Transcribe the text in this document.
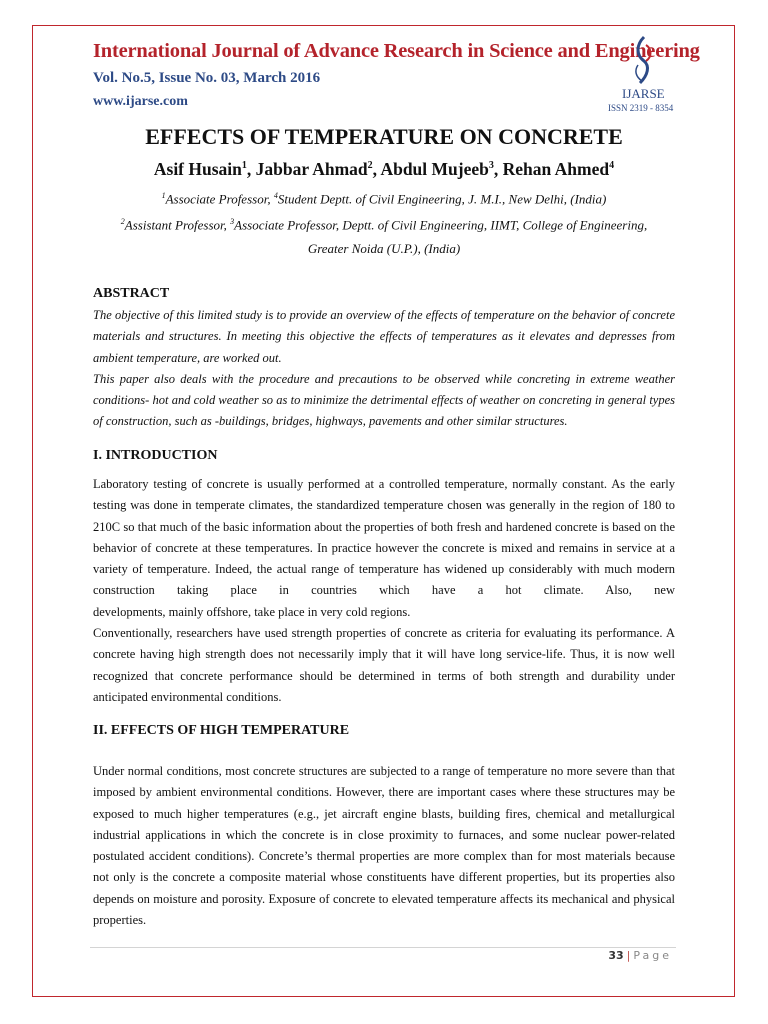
International Journal of Advance Research in Science and Engineering
Vol. No.5, Issue No. 03, March 2016
www.ijarse.com
IJARSE
ISSN 2319 - 8354
EFFECTS OF TEMPERATURE ON CONCRETE
Asif Husain$^1$, Jabbar Ahmad$^2$, Abdul Mujeeb$^3$, Rehan Ahmed$^4$
$^1$Associate Professor, $^4$Student Deptt. of Civil Engineering, J. M.I., New Delhi, (India)
$^2$Assistant Professor, $^3$Associate Professor, Deptt. of Civil Engineering, IIMT, College of Engineering,
Greater Noida (U.P.), (India)
ABSTRACT

The objective of this limited study is to provide an overview of the effects of temperature on the behavior of concrete materials and structures. In meeting this objective the effects of temperatures as it elevates and depresses from ambient temperature, are worked out.

This paper also deals with the procedure and precautions to be observed while concreting in extreme weather conditions- hot and cold weather so as to minimize the detrimental effects of weather on concreting in general types of construction, such as -buildings, bridges, highways, pavements and other similar structures.

I. INTRODUCTION

Laboratory testing of concrete is usually performed at a controlled temperature, normally constant. As the early testing was done in temperate climates, the standardized temperature chosen was generally in the region of 180 to 210C so that much of the basic information about the properties of both fresh and hardened concrete is based on the behavior of concrete at these temperatures. In practice however the concrete is mixed and remains in service at a variety of temperature. Indeed, the actual range of temperature has widened up considerably with much modern construction taking place in countries which have a hot climate. Also, new

developments, mainly offshore, take place in very cold regions.

Conventionally, researchers have used strength properties of concrete as criteria for evaluating its performance. A concrete having high strength does not necessarily imply that it will have long service-life. Thus, it is now well recognized that concrete performance should be determined in terms of both strength and durability under anticipated environmental conditions.

II. EFFECTS OF HIGH TEMPERATURE

Under normal conditions, most concrete structures are subjected to a range of temperature no more severe than that imposed by ambient environmental conditions. However, there are important cases where these structures may be exposed to much higher temperatures (e.g., jet aircraft engine blasts, building fires, chemical and metallurgical industrial applications in which the concrete is in close proximity to furnaces, and some nuclear power-related postulated accident conditions). Concrete’s thermal properties are more complex than for most materials because not only is the concrete a composite material whose constituents have different properties, but its properties also depends on moisture and porosity. Exposure of concrete to elevated temperature affects its mechanical and physical properties.

33 | Page
